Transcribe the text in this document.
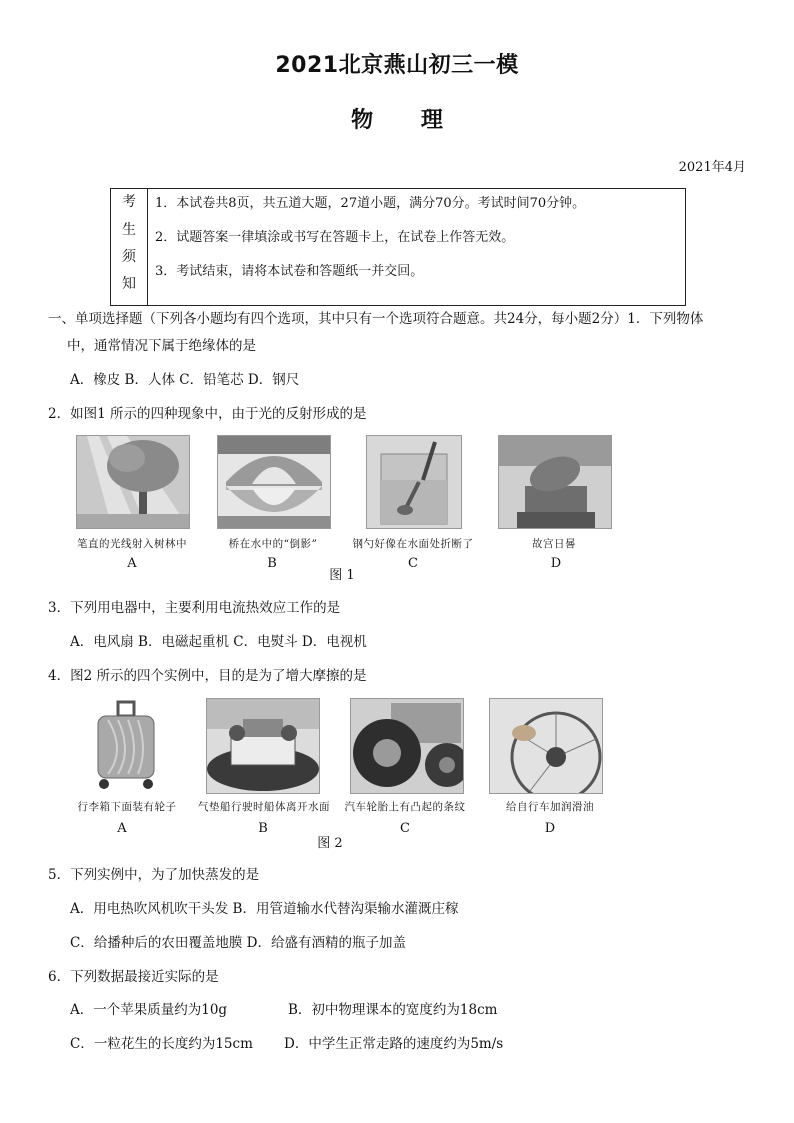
2021北京燕山初三一模
物 理
2021年4月
考
生
须
知
1．本试卷共8页，共五道大题，27道小题，满分70分。考试时间70分钟。
2．试题答案一律填涂或书写在答题卡上，在试卷上作答无效。
3．考试结束，请将本试卷和答题纸一并交回。
一、单项选择题（下列各小题均有四个选项，其中只有一个选项符合题意。共24分，每小题2分）1．下列物体
中，通常情况下属于绝缘体的是
A．橡皮 B．人体 C．铅笔芯 D．钢尺
2．如图1 所示的四种现象中，由于光的反射形成的是
笔直的光线射入树林中	桥在水中的“倒影”	钢勺好像在水面处折断了	故宫日晷
A	B	C	D
图 1
3．下列用电器中，主要利用电流热效应工作的是
A．电风扇 B．电磁起重机 C．电熨斗 D．电视机
4．图2 所示的四个实例中，目的是为了增大摩擦的是
行李箱下面装有轮子	气垫船行驶时船体离开水面	汽车轮胎上有凸起的条纹	给自行车加润滑油
A	B	C	D
图 2
5．下列实例中，为了加快蒸发的是
A．用电热吹风机吹干头发 B．用管道输水代替沟渠输水灌溉庄稼
C．给播种后的农田覆盖地膜 D．给盛有酒精的瓶子加盖
6．下列数据最接近实际的是
A．一个苹果质量约为10g	B．初中物理课本的宽度约为18cm
C．一粒花生的长度约为15cm D．中学生正常走路的速度约为5m/s
